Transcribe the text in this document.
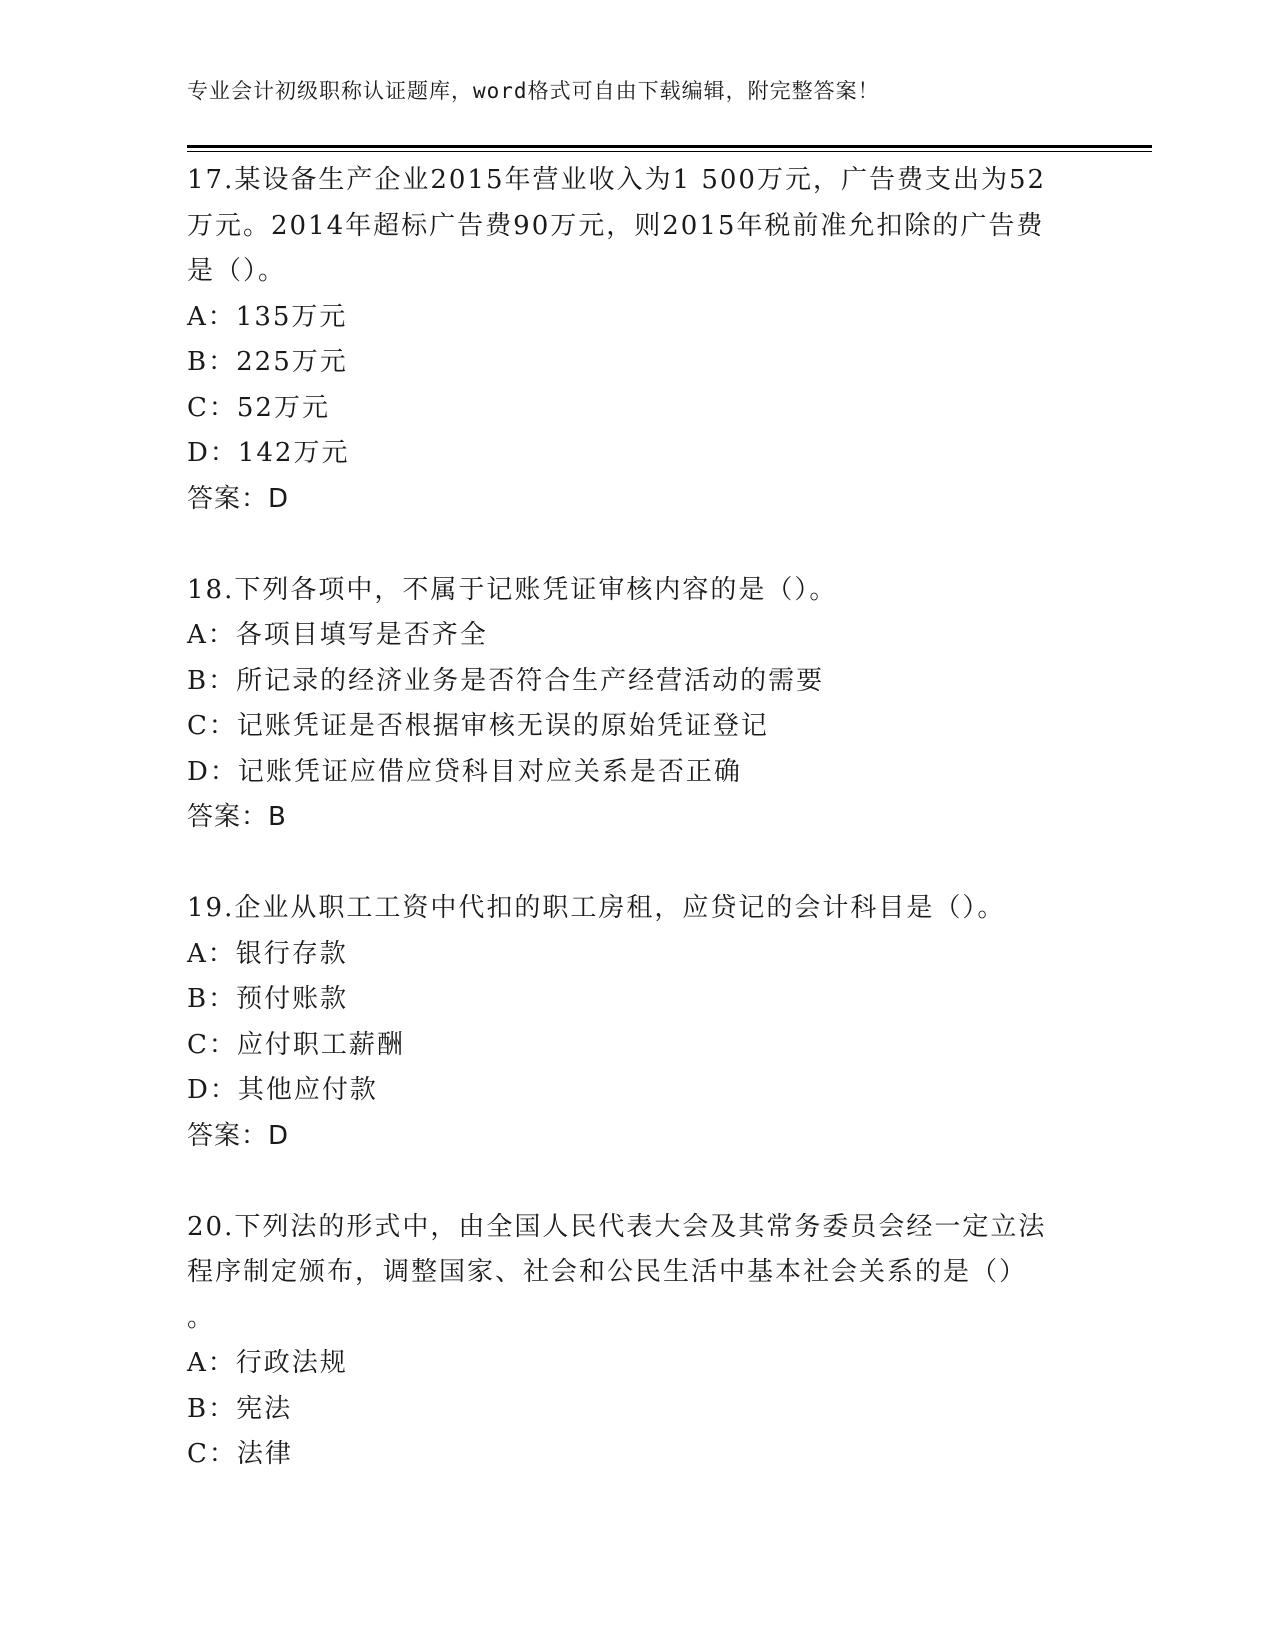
专业会计初级职称认证题库，word格式可自由下载编辑，附完整答案！
17.某设备生产企业2015年营业收入为1 500万元，广告费支出为52
万元。2014年超标广告费90万元，则2015年税前准允扣除的广告费
是（）。
A：135万元
B：225万元
C：52万元
D：142万元
答案：D
18.下列各项中，不属于记账凭证审核内容的是（）。
A：各项目填写是否齐全
B：所记录的经济业务是否符合生产经营活动的需要
C：记账凭证是否根据审核无误的原始凭证登记
D：记账凭证应借应贷科目对应关系是否正确
答案：B
19.企业从职工工资中代扣的职工房租，应贷记的会计科目是（）。
A：银行存款
B：预付账款
C：应付职工薪酬
D：其他应付款
答案：D
20.下列法的形式中，由全国人民代表大会及其常务委员会经一定立法
程序制定颁布，调整国家、社会和公民生活中基本社会关系的是（）
。
A：行政法规
B：宪法
C：法律
